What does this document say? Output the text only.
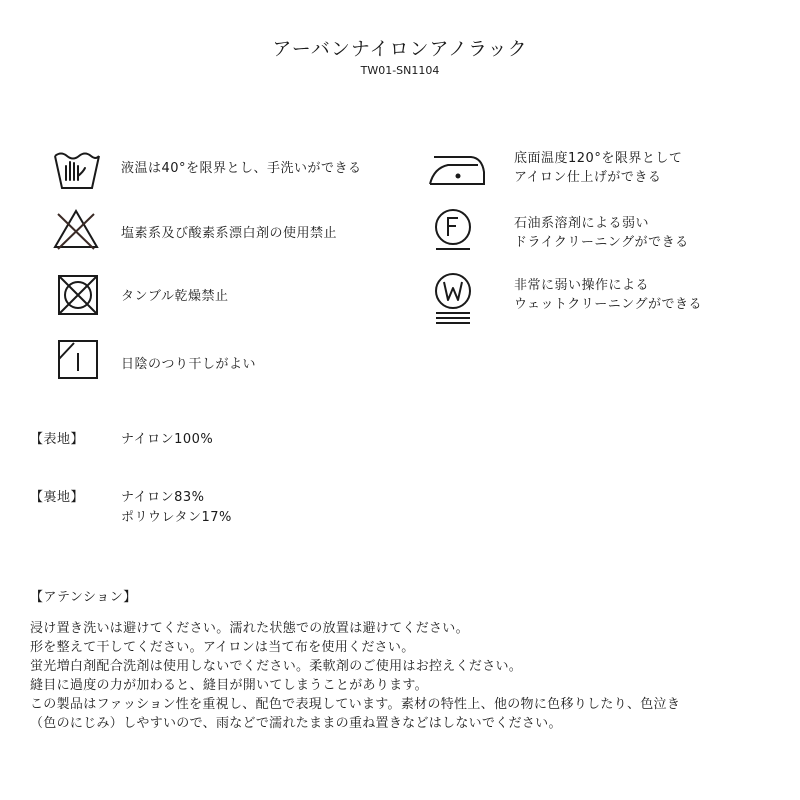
アーバンナイロンアノラック
TW01-SN1104
液温は40°を限界とし、手洗いができる
塩素系及び酸素系漂白剤の使用禁止
タンブル乾燥禁止
日陰のつり干しがよい
底面温度120°を限界として
アイロン仕上げができる
石油系溶剤による弱い
ドライクリーニングができる
非常に弱い操作による
ウェットクリーニングができる
【表地】	ナイロン100%
【裏地】	ナイロン83%
ポリウレタン17%
【アテンション】
浸け置き洗いは避けてください。濡れた状態での放置は避けてください。
形を整えて干してください。アイロンは当て布を使用ください。
蛍光増白剤配合洗剤は使用しないでください。柔軟剤のご使用はお控えください。
縫目に過度の力が加わると、縫目が開いてしまうことがあります。
この製品はファッション性を重視し、配色で表現しています。素材の特性上、他の物に色移りしたり、色泣き
（色のにじみ）しやすいので、雨などで濡れたままの重ね置きなどはしないでください。
